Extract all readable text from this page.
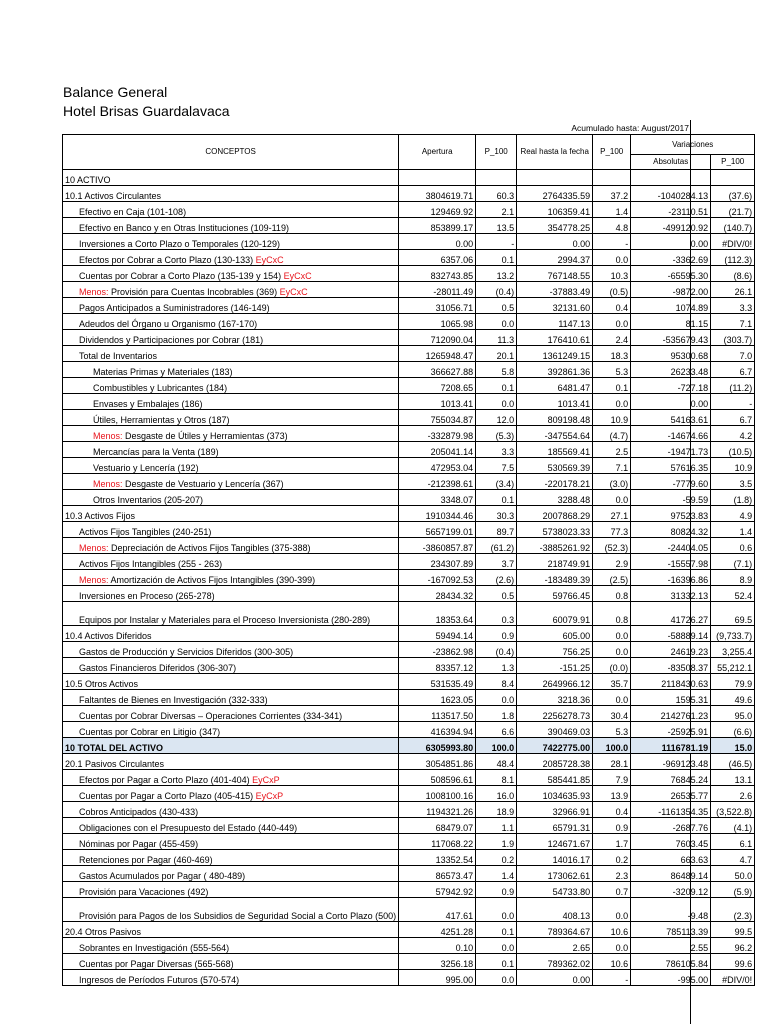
Balance General
Hotel Brisas Guardalavaca
Acumulado hasta: August/2017
CONCEPTOS	Apertura	P_100	Real hasta la fecha	P_100	Variaciones	
					Absolutas	P_100
10 ACTIVO						
10.1 Activos Circulantes	3804619.71	60.3	2764335.59	37.2	-1040284.13	(37.6)
Efectivo en Caja (101-108)	129469.92	2.1	106359.41	1.4	-23110.51	(21.7)
Efectivo en Banco y en Otras Instituciones (109-119)	853899.17	13.5	354778.25	4.8	-499120.92	(140.7)
Inversiones a Corto Plazo o Temporales (120-129)	0.00	-	0.00	-	0.00	#DIV/0!
Efectos por Cobrar a Corto Plazo (130-133) EyCxC	6357.06	0.1	2994.37	0.0	-3362.69	(112.3)
Cuentas por Cobrar a Corto Plazo (135-139 y 154) EyCxC	832743.85	13.2	767148.55	10.3	-65595.30	(8.6)
Menos: Provisión para Cuentas Incobrables (369) EyCxC	-28011.49	(0.4)	-37883.49	(0.5)	-9872.00	26.1
Pagos Anticipados a Suministradores (146-149)	31056.71	0.5	32131.60	0.4	1074.89	3.3
Adeudos del Órgano u Organismo (167-170)	1065.98	0.0	1147.13	0.0	81.15	7.1
Dividendos y Participaciones por Cobrar (181)	712090.04	11.3	176410.61	2.4	-535679.43	(303.7)
Total de Inventarios	1265948.47	20.1	1361249.15	18.3	95300.68	7.0
Materias Primas y Materiales (183)	366627.88	5.8	392861.36	5.3	26233.48	6.7
Combustibles y Lubricantes (184)	7208.65	0.1	6481.47	0.1	-727.18	(11.2)
Envases y Embalajes (186)	1013.41	0.0	1013.41	0.0	0.00	-
Útiles, Herramientas y Otros (187)	755034.87	12.0	809198.48	10.9	54163.61	6.7
Menos: Desgaste de Útiles y Herramientas (373)	-332879.98	(5.3)	-347554.64	(4.7)	-14674.66	4.2
Mercancías para la Venta (189)	205041.14	3.3	185569.41	2.5	-19471.73	(10.5)
Vestuario y Lencería (192)	472953.04	7.5	530569.39	7.1	57616.35	10.9
Menos: Desgaste de Vestuario y Lencería (367)	-212398.61	(3.4)	-220178.21	(3.0)	-7779.60	3.5
Otros Inventarios (205-207)	3348.07	0.1	3288.48	0.0	-59.59	(1.8)
10.3 Activos Fijos	1910344.46	30.3	2007868.29	27.1	97523.83	4.9
Activos Fijos Tangibles (240-251)	5657199.01	89.7	5738023.33	77.3	80824.32	1.4
Menos: Depreciación de Activos Fijos Tangibles (375-388)	-3860857.87	(61.2)	-3885261.92	(52.3)	-24404.05	0.6
Activos Fijos Intangibles (255 - 263)	234307.89	3.7	218749.91	2.9	-15557.98	(7.1)
Menos: Amortización de Activos Fijos Intangibles (390-399)	-167092.53	(2.6)	-183489.39	(2.5)	-16396.86	8.9
Inversiones en Proceso (265-278)	28434.32	0.5	59766.45	0.8	31332.13	52.4
Equipos por Instalar y Materiales para el Proceso Inversionista (280-289)	18353.64	0.3	60079.91	0.8	41726.27	69.5
10.4 Activos Diferidos	59494.14	0.9	605.00	0.0	-58889.14	(9,733.7)
Gastos de Producción y Servicios Diferidos (300-305)	-23862.98	(0.4)	756.25	0.0	24619.23	3,255.4
Gastos Financieros Diferidos (306-307)	83357.12	1.3	-151.25	(0.0)	-83508.37	55,212.1
10.5 Otros Activos	531535.49	8.4	2649966.12	35.7	2118430.63	79.9
Faltantes de Bienes en Investigación (332-333)	1623.05	0.0	3218.36	0.0	1595.31	49.6
Cuentas por Cobrar Diversas – Operaciones Corrientes (334-341)	113517.50	1.8	2256278.73	30.4	2142761.23	95.0
Cuentas por Cobrar en Litigio (347)	416394.94	6.6	390469.03	5.3	-25925.91	(6.6)
10 TOTAL DEL ACTIVO	6305993.80	100.0	7422775.00	100.0	1116781.19	15.0
20.1 Pasivos Circulantes	3054851.86	48.4	2085728.38	28.1	-969123.48	(46.5)
Efectos por Pagar a Corto Plazo (401-404) EyCxP	508596.61	8.1	585441.85	7.9	76845.24	13.1
Cuentas por Pagar a Corto Plazo (405-415) EyCxP	1008100.16	16.0	1034635.93	13.9	26535.77	2.6
Cobros Anticipados (430-433)	1194321.26	18.9	32966.91	0.4	-1161354.35	(3,522.8)
Obligaciones con el Presupuesto del Estado (440-449)	68479.07	1.1	65791.31	0.9	-2687.76	(4.1)
Nóminas por Pagar (455-459)	117068.22	1.9	124671.67	1.7	7603.45	6.1
Retenciones por Pagar (460-469)	13352.54	0.2	14016.17	0.2	663.63	4.7
Gastos Acumulados por Pagar ( 480-489)	86573.47	1.4	173062.61	2.3	86489.14	50.0
Provisión para Vacaciones (492)	57942.92	0.9	54733.80	0.7	-3209.12	(5.9)
Provisión para Pagos de los Subsidios de Seguridad Social a Corto Plazo (500)	417.61	0.0	408.13	0.0	-9.48	(2.3)
20.4 Otros Pasivos	4251.28	0.1	789364.67	10.6	785113.39	99.5
Sobrantes en Investigación (555-564)	0.10	0.0	2.65	0.0	2.55	96.2
Cuentas por Pagar Diversas (565-568)	3256.18	0.1	789362.02	10.6	786105.84	99.6
Ingresos de Períodos Futuros (570-574)	995.00	0.0	0.00	-	-995.00	#DIV/0!
